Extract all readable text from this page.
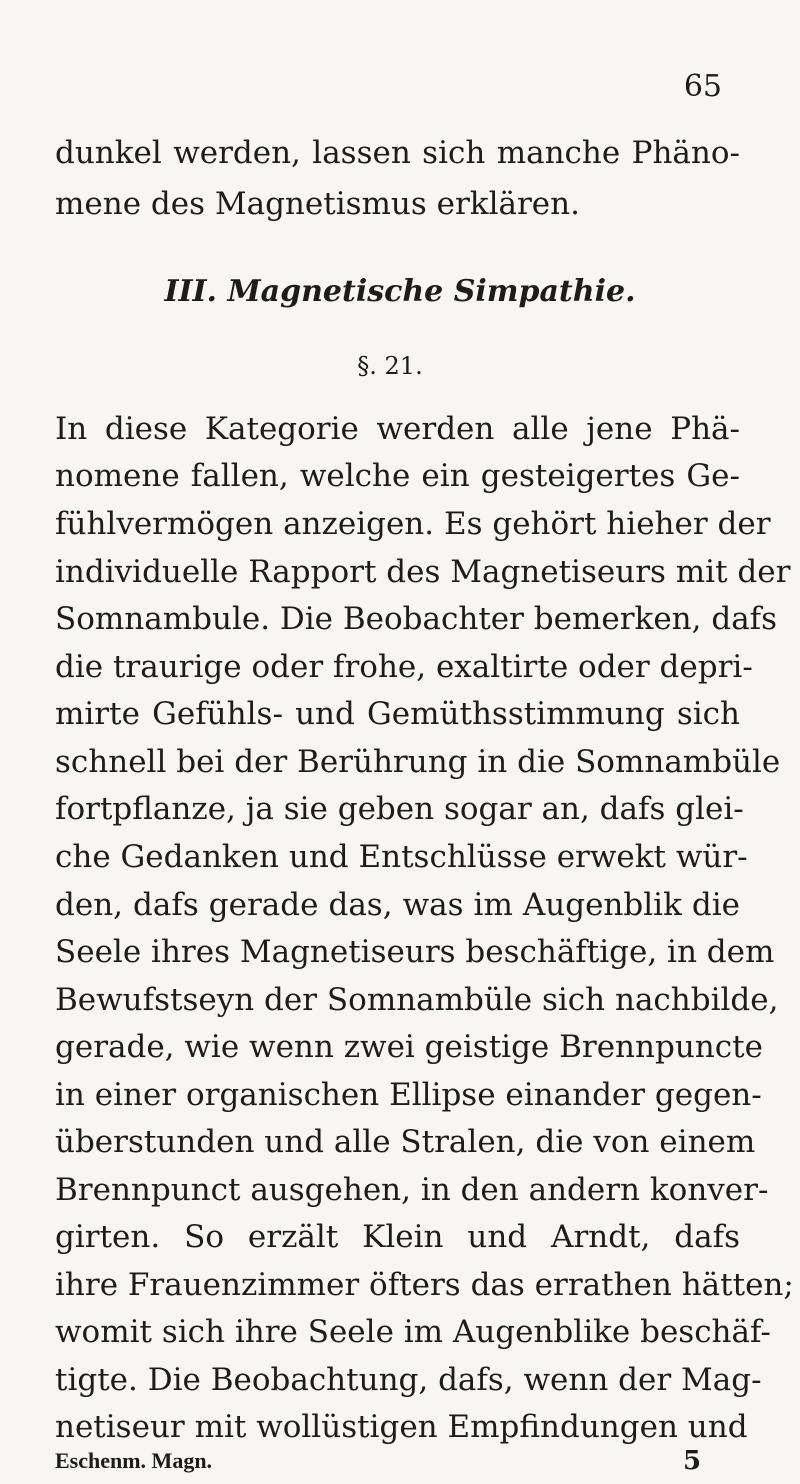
65
dunkel werden, lassen sich manche Phäno-
mene des Magnetismus erklären.
III. Magnetische Simpathie.
§. 21.
In diese Kategorie werden alle jene Phä-
nomene fallen, welche ein gesteigertes Ge-
fühlvermögen anzeigen. Es gehört hieher der
individuelle Rapport des Magnetiseurs mit der
Somnambule. Die Beobachter bemerken, dafs
die traurige oder frohe, exaltirte oder depri-
mirte Gefühls- und Gemüthsstimmung sich
schnell bei der Berührung in die Somnambüle
fortpflanze, ja sie geben sogar an, dafs glei-
che Gedanken und Entschlüsse erwekt wür-
den, dafs gerade das, was im Augenblik die
Seele ihres Magnetiseurs beschäftige, in dem
Bewufstseyn der Somnambüle sich nachbilde,
gerade, wie wenn zwei geistige Brennpuncte
in einer organischen Ellipse einander gegen-
überstunden und alle Stralen, die von einem
Brennpunct ausgehen, in den andern konver-
girten. So erzält Klein und Arndt, dafs
ihre Frauenzimmer öfters das errathen hätten;
womit sich ihre Seele im Augenblike beschäf-
tigte. Die Beobachtung, dafs, wenn der Mag-
netiseur mit wollüstigen Empfindungen und
Eschenm. Magn.	5
